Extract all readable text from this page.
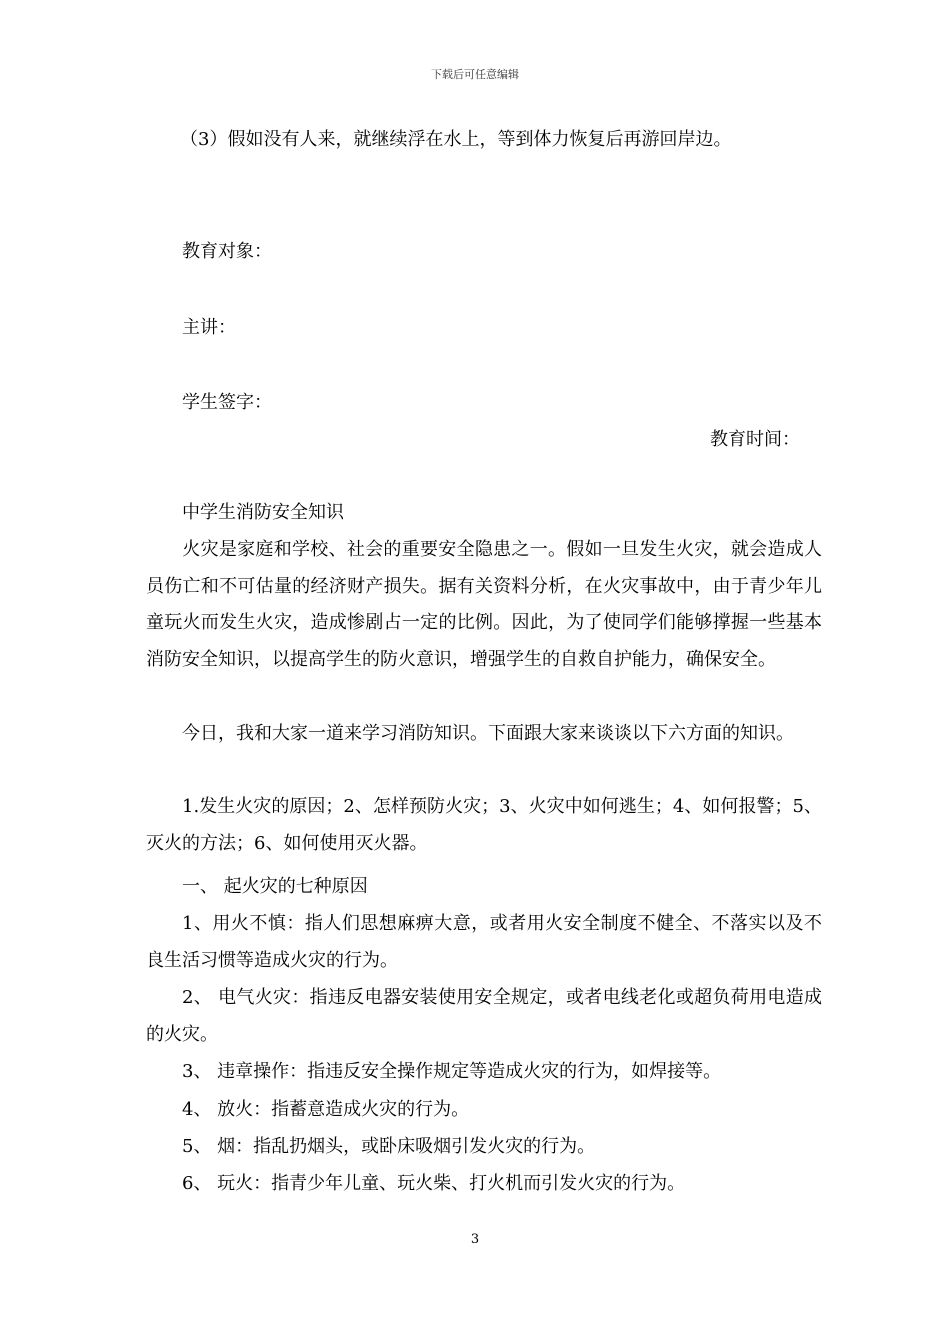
下载后可任意编辑
（3）假如没有人来，就继续浮在水上，等到体力恢复后再游回岸边。
教育对象：
主讲：
学生签字：
教育时间：
中学生消防安全知识
火灾是家庭和学校、社会的重要安全隐患之一。假如一旦发生火灾，就会造成人员伤亡和不可估量的经济财产损失。据有关资料分析，在火灾事故中，由于青少年儿童玩火而发生火灾，造成惨剧占一定的比例。因此，为了使同学们能够撑握一些基本消防安全知识，以提高学生的防火意识，增强学生的自救自护能力，确保安全。
今日，我和大家一道来学习消防知识。下面跟大家来谈谈以下六方面的知识。
1.发生火灾的原因；2、怎样预防火灾；3、火灾中如何逃生；4、如何报警；5、灭火的方法；6、如何使用灭火器。
一、 起火灾的七种原因
1、用火不慎：指人们思想麻痹大意，或者用火安全制度不健全、不落实以及不良生活习惯等造成火灾的行为。
2、 电气火灾：指违反电器安装使用安全规定，或者电线老化或超负荷用电造成的火灾。
3、 违章操作：指违反安全操作规定等造成火灾的行为，如焊接等。
4、 放火：指蓄意造成火灾的行为。
5、 烟：指乱扔烟头，或卧床吸烟引发火灾的行为。
6、 玩火：指青少年儿童、玩火柴、打火机而引发火灾的行为。
3
